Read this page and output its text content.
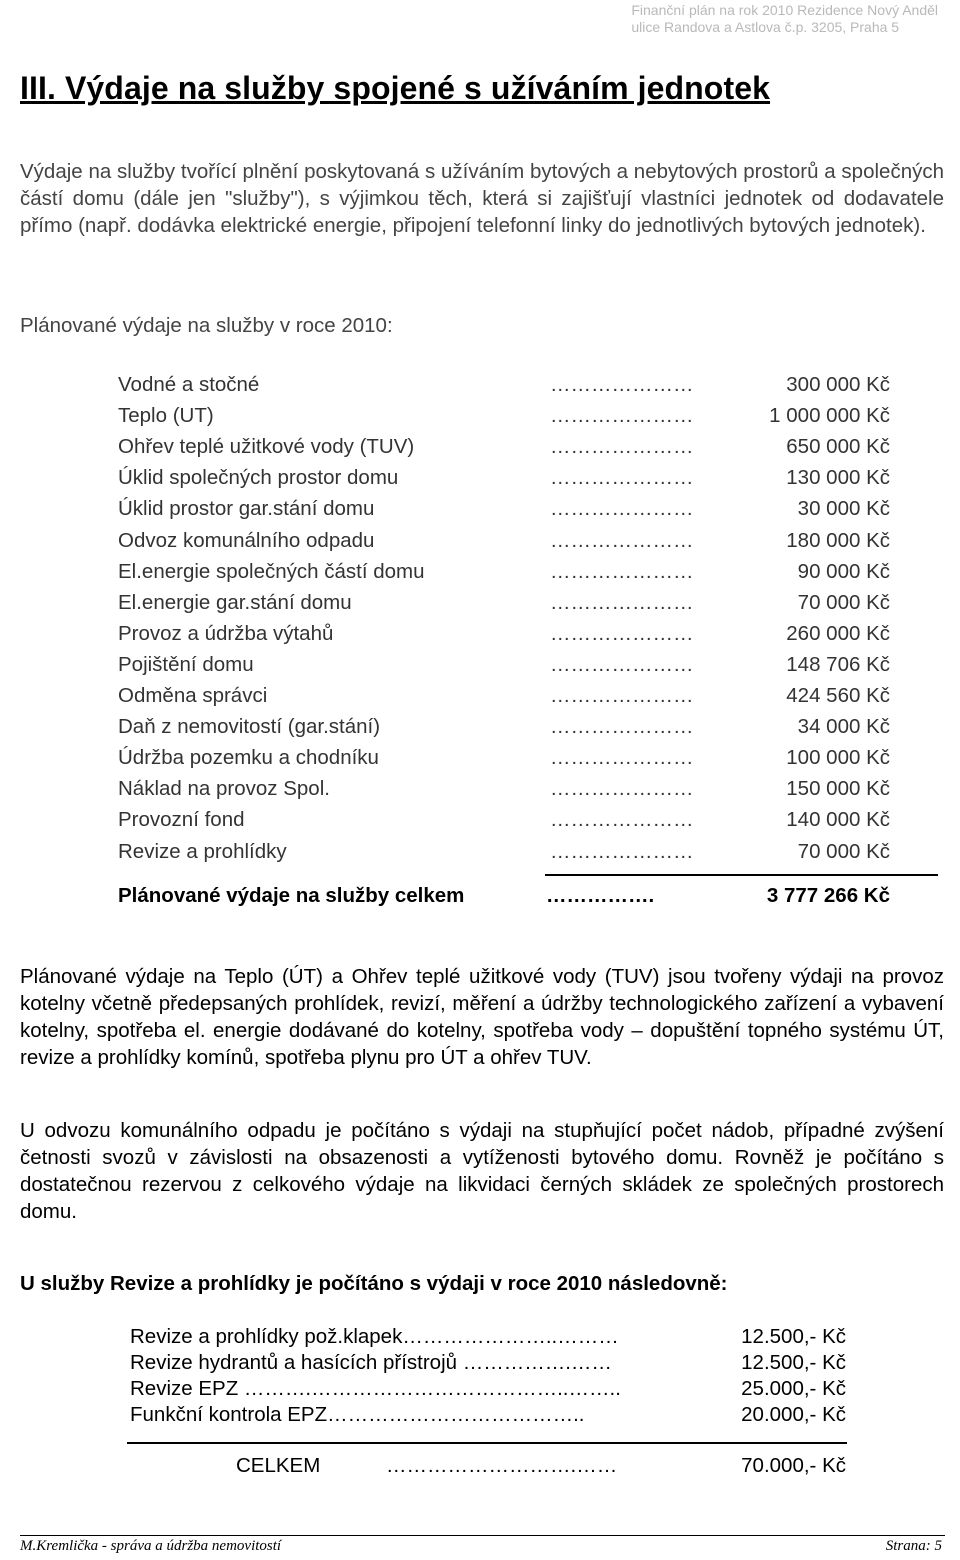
Finanční plán na rok 2010 Rezidence Nový Anděl
ulice Randova a Astlova č.p. 3205, Praha 5
III. Výdaje na služby spojené s užíváním jednotek
Výdaje na služby tvořící plnění poskytovaná s užíváním bytových a nebytových prostorů a společných částí domu (dále jen "služby"), s výjimkou těch, která si zajišťují vlastníci jednotek od dodavatele přímo (např. dodávka elektrické energie, připojení telefonní linky do jednotlivých bytových jednotek).
Plánované výdaje na služby v roce 2010:
Vodné a stočné	…………………	300 000 Kč
Teplo (UT)	…………………	1 000 000 Kč
Ohřev teplé užitkové vody (TUV)	…………………	650 000 Kč
Úklid společných prostor domu	…………………	130 000 Kč
Úklid prostor gar.stání domu	…………………	30 000 Kč
Odvoz komunálního odpadu	…………………	180 000 Kč
El.energie společných částí domu	…………………	90 000 Kč
El.energie gar.stání domu	…………………	70 000 Kč
Provoz a údržba výtahů	…………………	260 000 Kč
Pojištění domu	…………………	148 706 Kč
Odměna správci	…………………	424 560 Kč
Daň z nemovitostí (gar.stání)	…………………	34 000 Kč
Údržba pozemku a chodníku	…………………	100 000 Kč
Náklad na provoz Spol.	…………………	150 000 Kč
Provozní fond	…………………	140 000 Kč
Revize a prohlídky	…………………	70 000 Kč
Plánované výdaje na služby celkem	…………….	3 777 266 Kč
Plánované výdaje na Teplo (ÚT) a Ohřev teplé užitkové vody (TUV) jsou tvořeny výdaji na provoz kotelny včetně předepsaných prohlídek, revizí, měření a údržby technologického zařízení a vybavení kotelny, spotřeba el. energie dodávané do kotelny, spotřeba vody – dopuštění topného systému ÚT, revize a prohlídky komínů, spotřeba plynu pro ÚT a ohřev TUV.
U odvozu komunálního odpadu je počítáno s výdaji na stupňující počet nádob, případné zvýšení četnosti svozů v závislosti na obsazenosti a vytíženosti bytového domu. Rovněž je počítáno s dostatečnou rezervou z celkového výdaje na likvidaci černých skládek ze společných prostorech domu.
U služby Revize a prohlídky je počítáno s výdaji v roce 2010 následovně:
Revize a prohlídky pož.klapek…………………..………	12.500,- Kč
Revize hydrantů a hasících přístrojů …………….……	12.500,- Kč
Revize EPZ ……….………………………………..……..	25.000,- Kč
Funkční kontrola EPZ………………………………..	20.000,- Kč
CELKEM	……………………….……	70.000,- Kč
M.Kremlička - správa a údržba nemovitostí	Strana: 5
